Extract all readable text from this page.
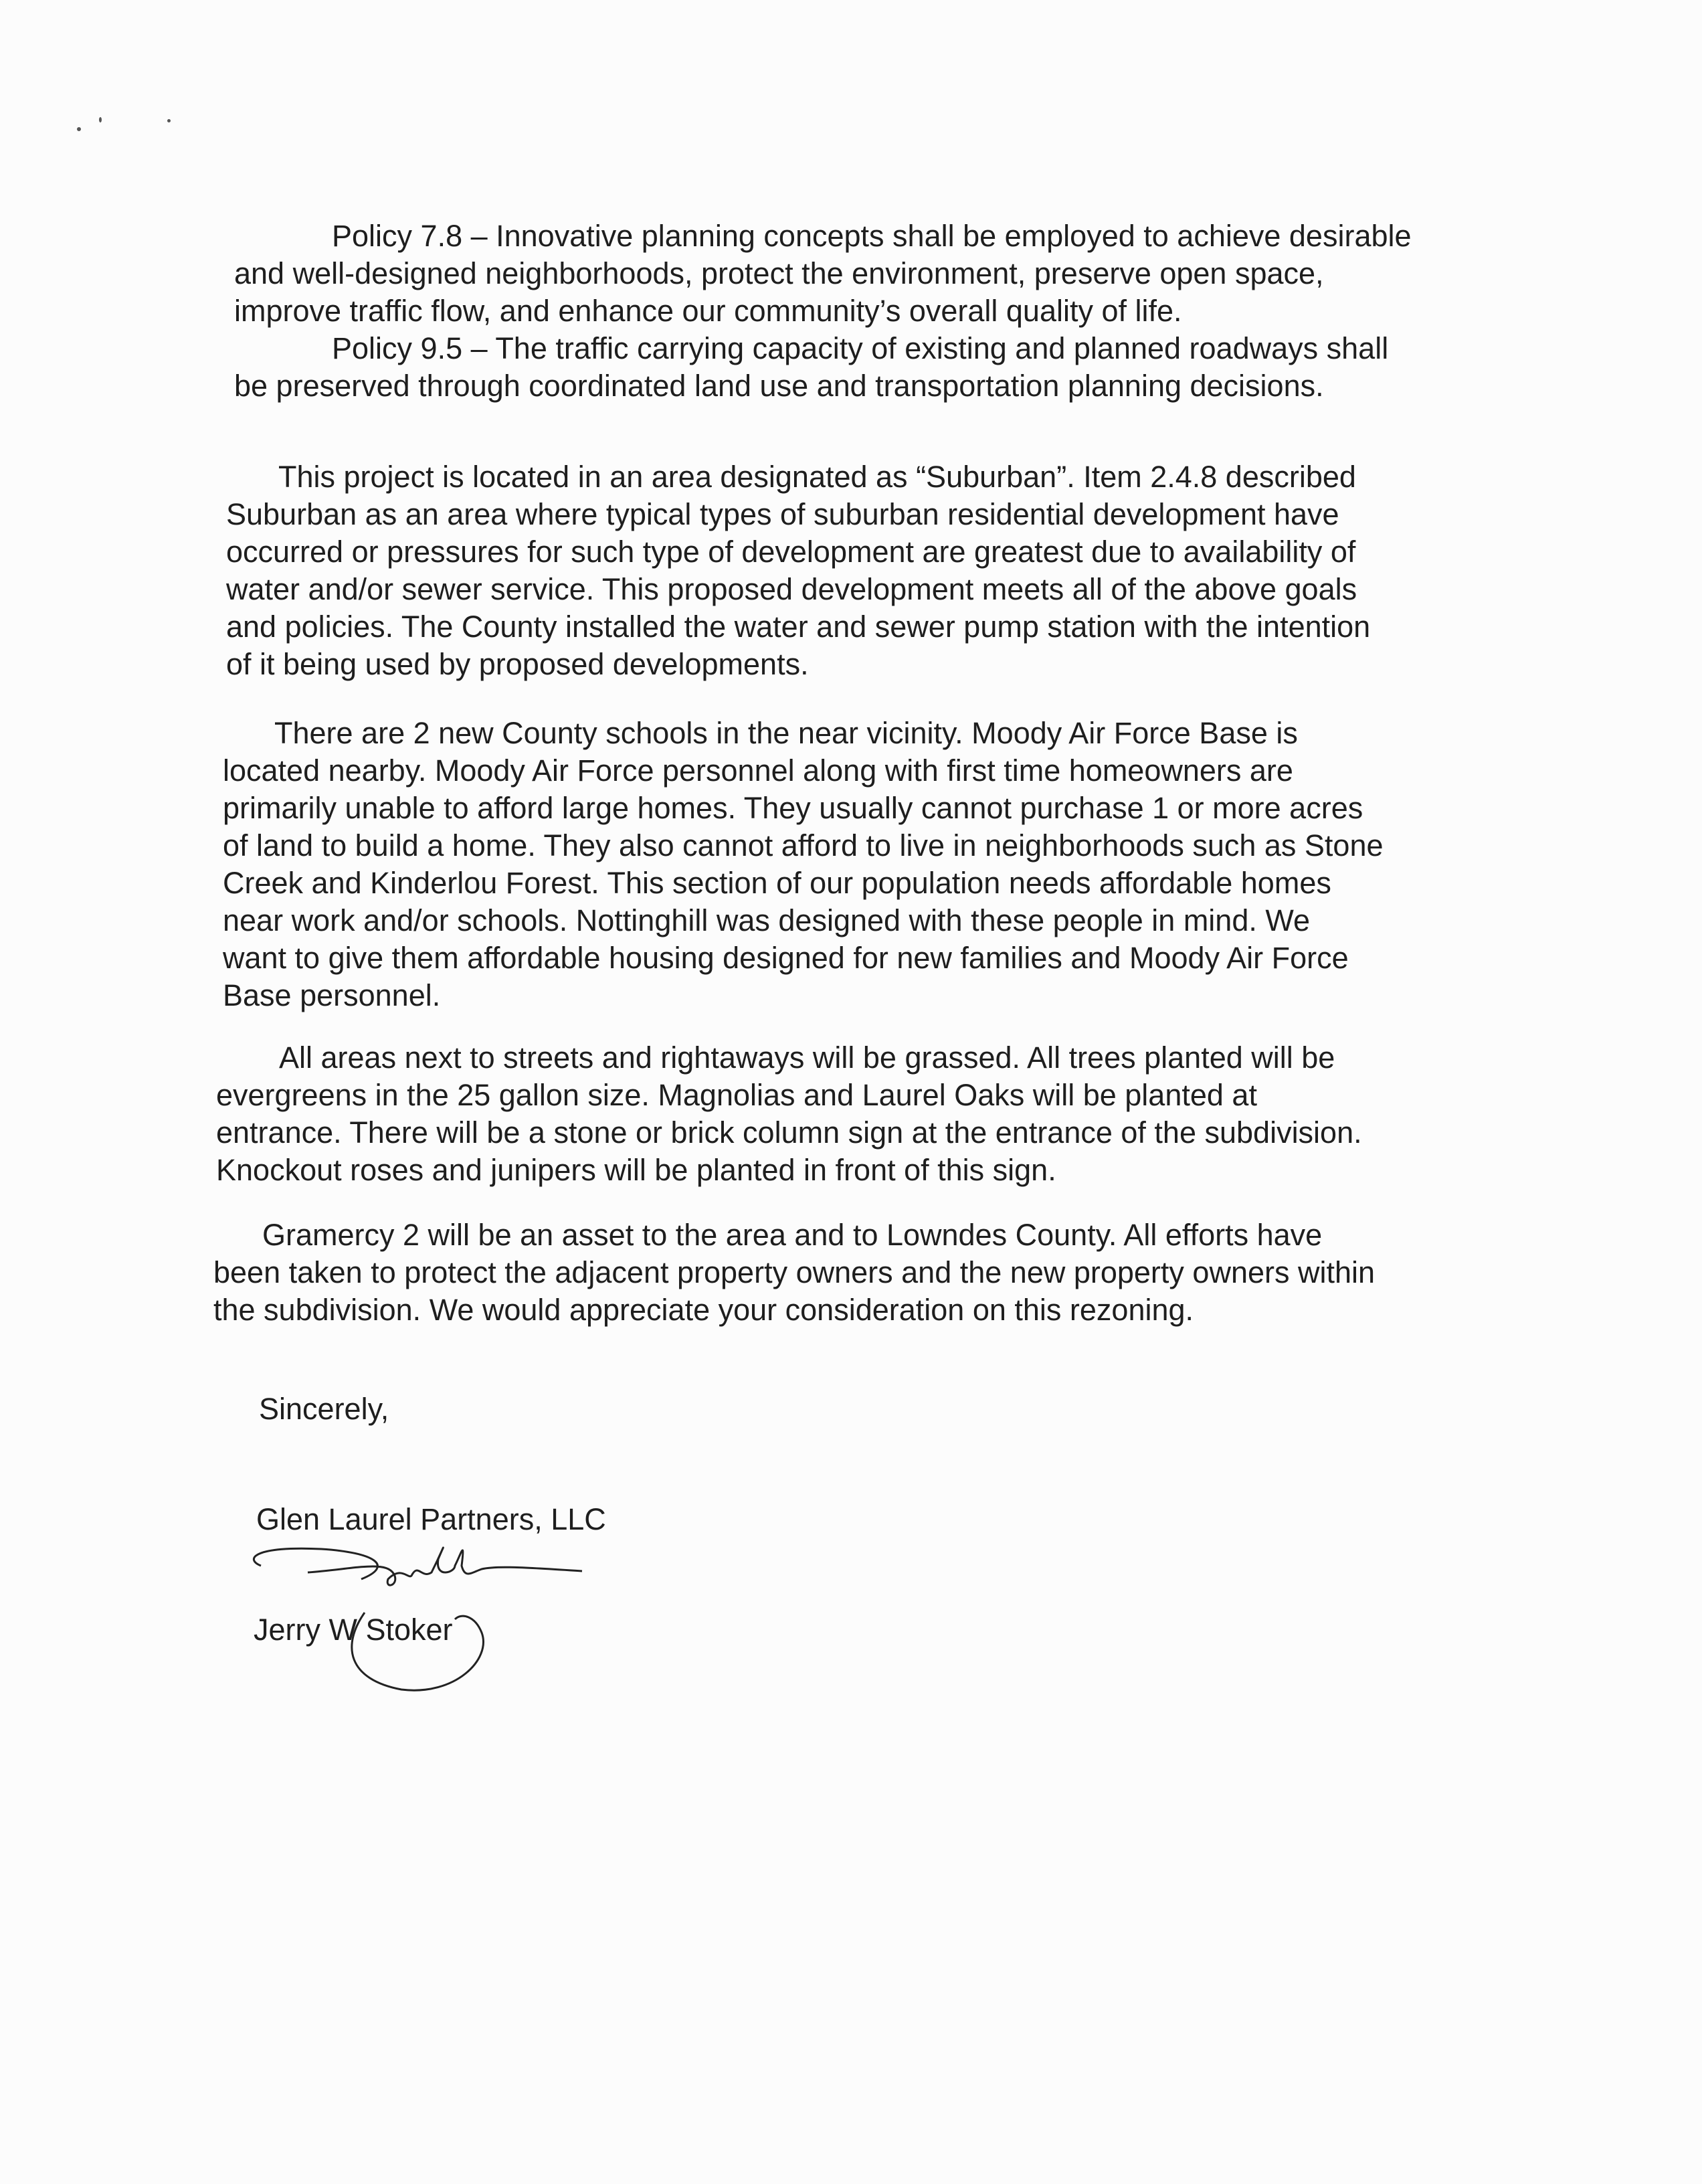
Policy 7.8 – Innovative planning concepts shall be employed to achieve desirable
and well-designed neighborhoods, protect the environment, preserve open space,
improve traffic flow, and enhance our community’s overall quality of life.
Policy 9.5 – The traffic carrying capacity of existing and planned roadways shall
be preserved through coordinated land use and transportation planning decisions.
This project is located in an area designated as “Suburban”. Item 2.4.8 described
Suburban as an area where typical types of suburban residential development have
occurred or pressures for such type of development are greatest due to availability of
water and/or sewer service. This proposed development meets all of the above goals
and policies. The County installed the water and sewer pump station with the intention
of it being used by proposed developments.
There are 2 new County schools in the near vicinity. Moody Air Force Base is
located nearby. Moody Air Force personnel along with first time homeowners are
primarily unable to afford large homes. They usually cannot purchase 1 or more acres
of land to build a home. They also cannot afford to live in neighborhoods such as Stone
Creek and Kinderlou Forest. This section of our population needs affordable homes
near work and/or schools. Nottinghill was designed with these people in mind. We
want to give them affordable housing designed for new families and Moody Air Force
Base personnel.
All areas next to streets and rightaways will be grassed. All trees planted will be
evergreens in the 25 gallon size. Magnolias and Laurel Oaks will be planted at
entrance. There will be a stone or brick column sign at the entrance of the subdivision.
Knockout roses and junipers will be planted in front of this sign.
Gramercy 2 will be an asset to the area and to Lowndes County. All efforts have
been taken to protect the adjacent property owners and the new property owners within
the subdivision. We would appreciate your consideration on this rezoning.
Sincerely,
Glen Laurel Partners, LLC
Jerry W Stoker
